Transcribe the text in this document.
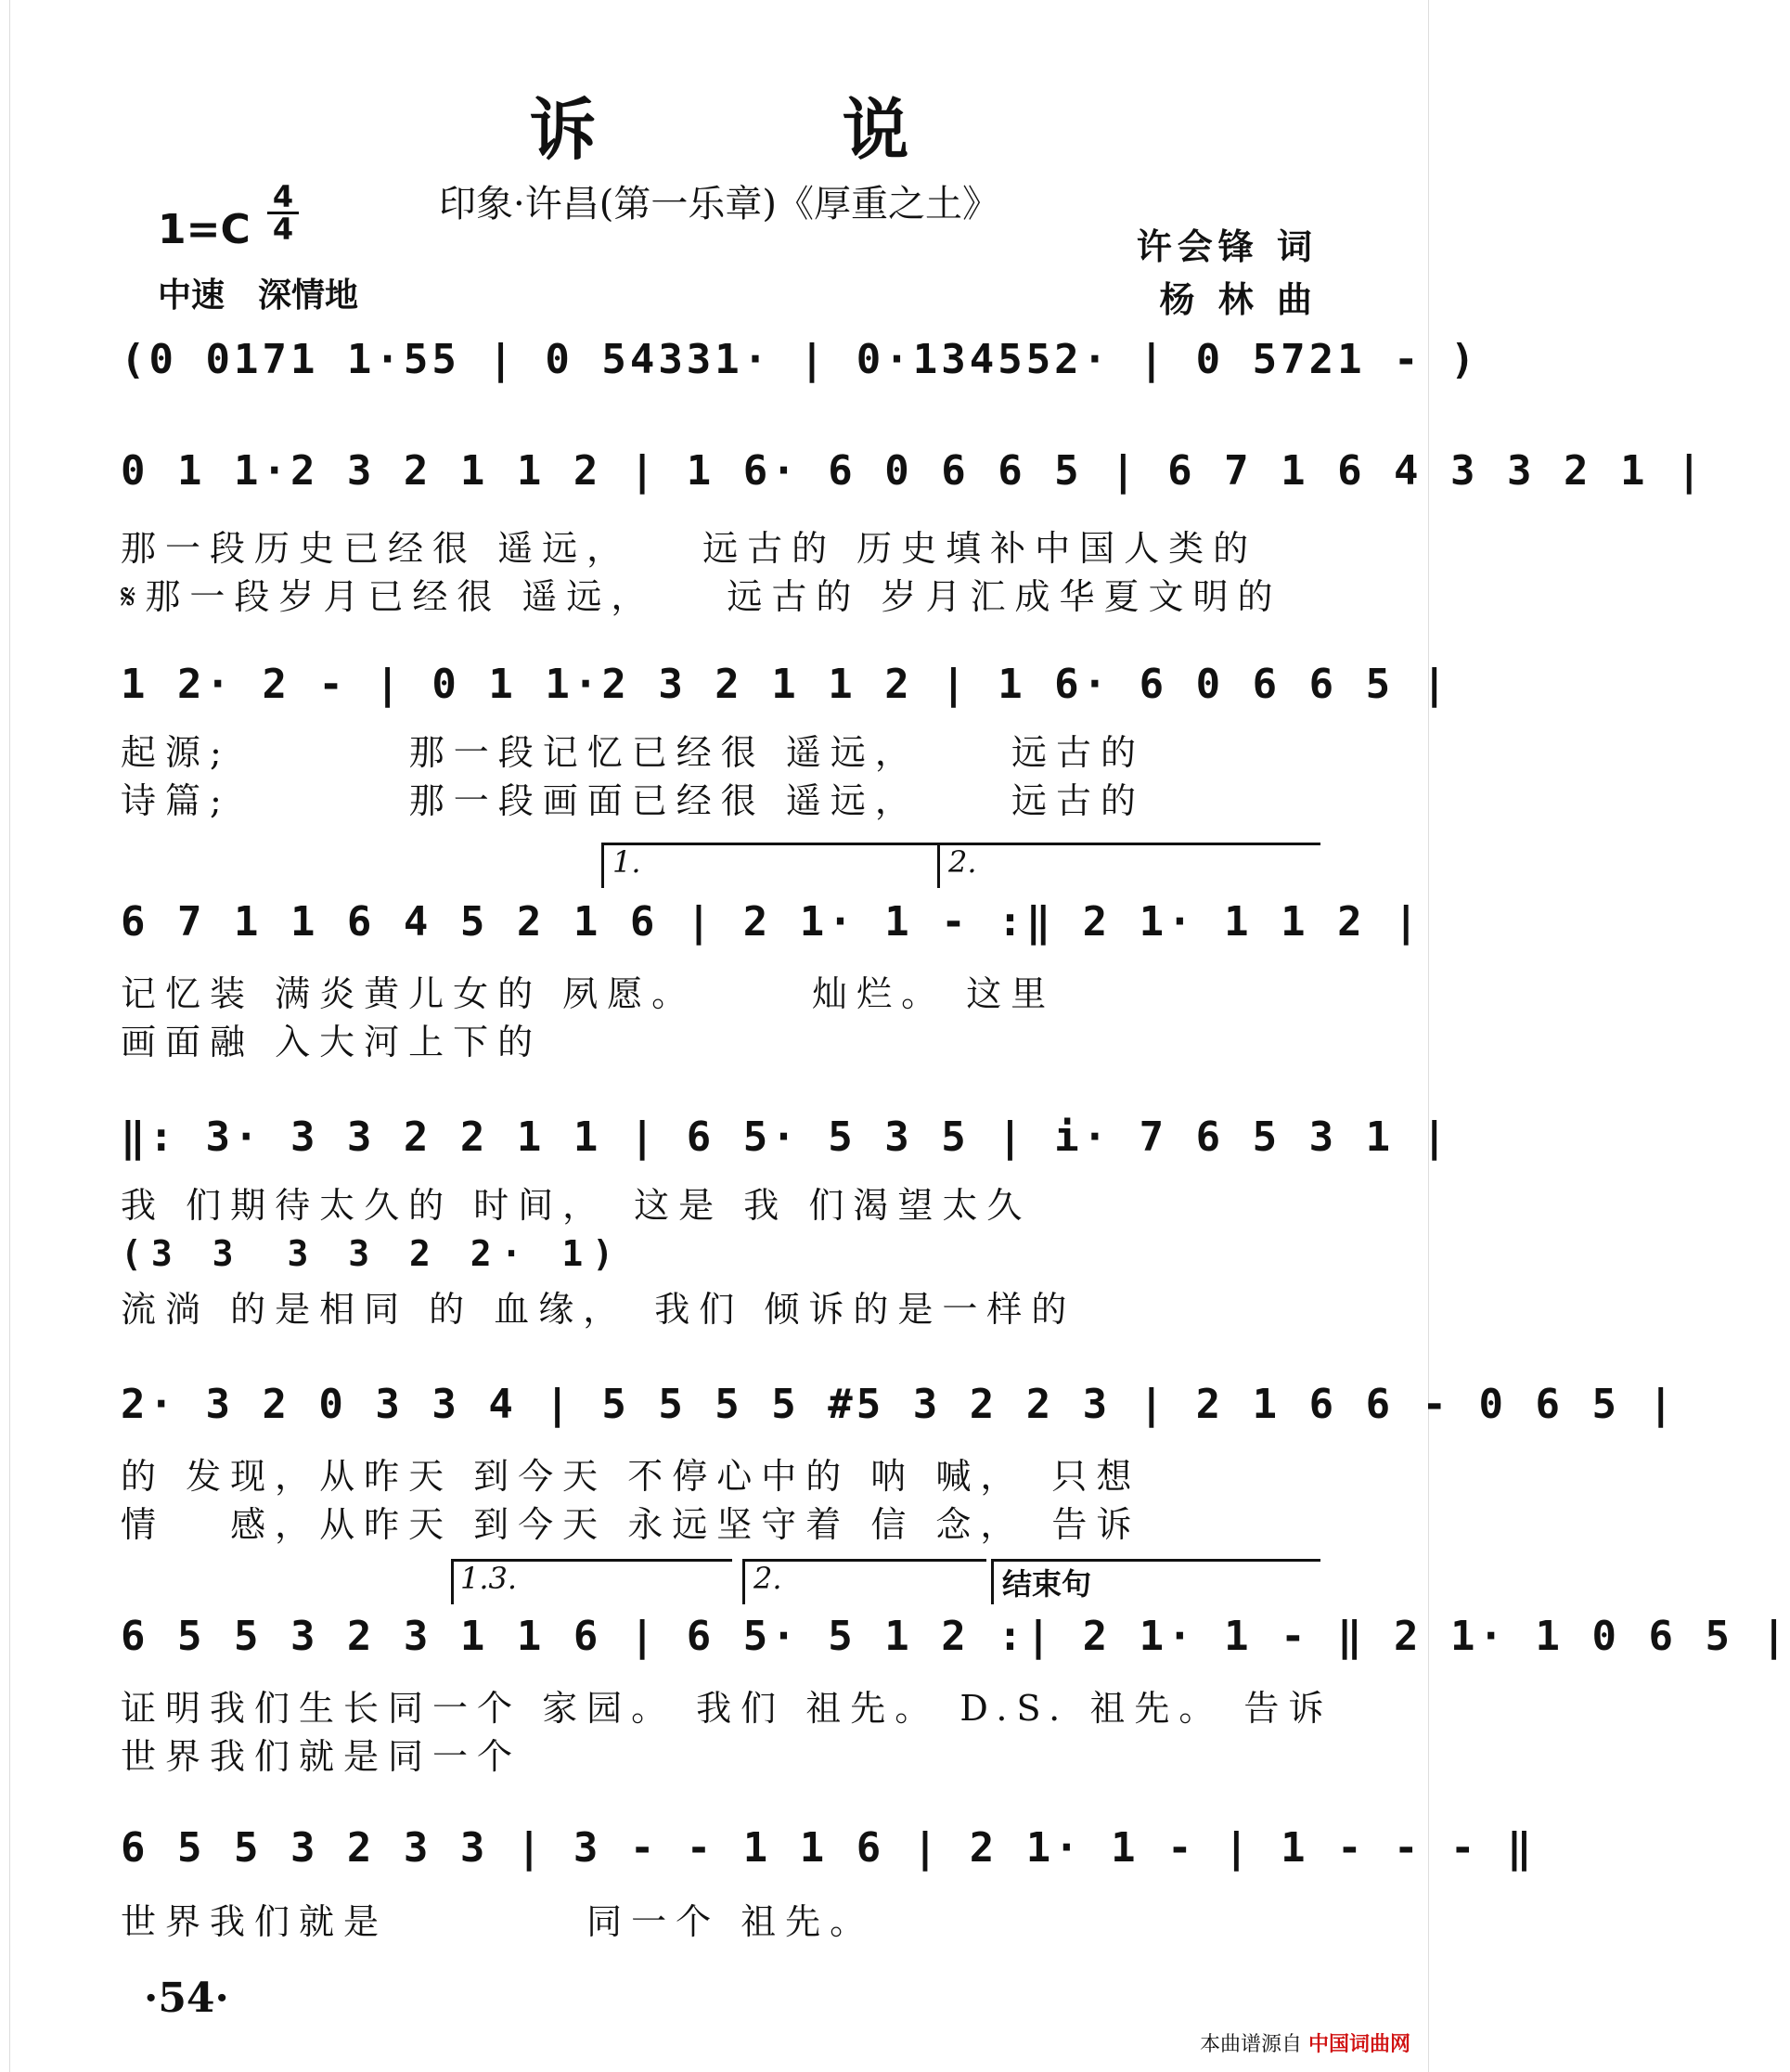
诉 说
印象·许昌(第一乐章)《厚重之土》
1=C
4
4
中速　深情地
许会锋 词
杨 林 曲
(0 0171 1·55 | 0 54331· | 0·134552· | 0 5721 - )
0 1 1·2 3 2 1 1 2 | 1 6· 6 0 6 6 5 | 6 7 1 6 4 3 3 2 1 |
那一段历史已经很 遥远，　　远古的 历史填补中国人类的
𝄋那一段岁月已经很 遥远，　　远古的 岁月汇成华夏文明的
1 2· 2 - | 0 1 1·2 3 2 1 1 2 | 1 6· 6 0 6 6 5 |
起源;　　　　那一段记忆已经很 遥远，　　 远古的
诗篇;　　　　那一段画面已经很 遥远，　　 远古的
1.	2.
6 7 1 1 6 4 5 2 1 6 | 2 1· 1 - :‖ 2 1· 1 1 2 |
记忆装 满炎黄儿女的 夙愿。　　　灿烂。 这里
画面融 入大河上下的
‖: 3· 3 3 2 2 1 1 | 6 5· 5 3 5 | i· 7 6 5 3 1 |
我 们期待太久的 时间，　这是 我 们渴望太久
(3 3　3 3 2 2· 1)
流淌 的是相同 的 血缘，　我们 倾诉的是一样的
2· 3 2 0 3 3 4 | 5 5 5 5 #5 3 2 2 3 | 2 1 6 6 - 0 6 5 |
的 发现，从昨天 到今天 不停心中的 呐 喊，　只想
情　 感，从昨天 到今天 永远坚守着 信 念，　告诉
1.3.	2.	结束句
6 5 5 3 2 3 1 1 6 | 6 5· 5 1 2 :| 2 1· 1 - ‖ 2 1· 1 0 6 5 |
证明我们生长同一个 家园。 我们 祖先。 D.S. 祖先。 告诉
世界我们就是同一个
6 5 5 3 2 3 3 | 3 - - 1 1 6 | 2 1· 1 - | 1 - - - ‖
世界我们就是　　　　 同一个 祖先。
·54·
本曲谱源自 中国词曲网
